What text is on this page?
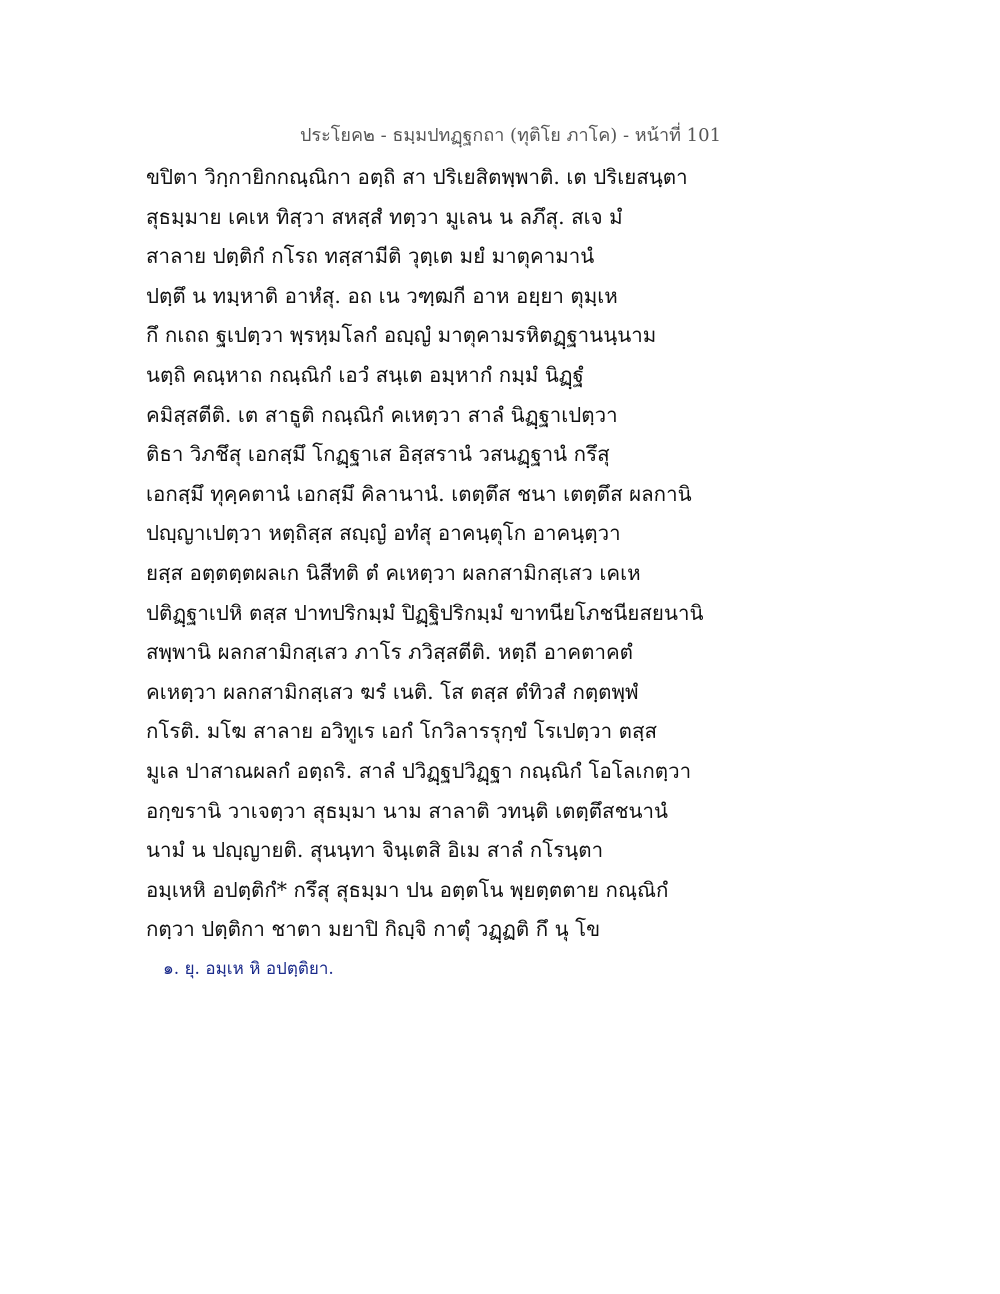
ประโยค๒ - ธมฺมปทฏฺฐกถา (ทุติโย ภาโค) - หน้าที่ 101
ขปิตา วิกฺกายิกกณฺณิกา อตฺถิ สา ปริเยสิตพฺพาติ. เต ปริเยสนฺตา
สุธมฺมาย เคเห ทิสฺวา สหสฺสํ ทตฺวา มูเลน น ลภึสุ. สเจ มํ
สาลาย ปตฺติกํ กโรถ ทสฺสามีติ วุตฺเต มยํ มาตุคามานํ
ปตฺตึ น ทมฺหาติ อาหํสุ. อถ เน วฑฺฒกี อาห อยฺยา ตุมฺเห
กึ กเถถ ฐเปตฺวา พฺรหฺมโลกํ อญฺญํ มาตุคามรหิตฏฺฐานนฺนาม
นตฺถิ คณฺหาถ กณฺณิกํ เอวํ สนฺเต อมฺหากํ กมฺมํ นิฏฺฐํ
คมิสฺสตีติ. เต สาธูติ กณฺณิกํ คเหตฺวา สาลํ นิฏฺฐาเปตฺวา
ติธา วิภชึสุ เอกสฺมึ โกฏฺฐาเส อิสฺสรานํ วสนฏฺฐานํ กรึสุ
เอกสฺมึ ทุคฺคตานํ เอกสฺมึ คิลานานํ. เตตฺตึส ชนา เตตฺตึส ผลกานิ
ปญฺญาเปตฺวา หตฺถิสฺส สญฺญํ อทํสุ อาคนฺตุโก อาคนฺตฺวา
ยสฺส อตฺตตฺตผลเก นิสีทติ ตํ คเหตฺวา ผลกสามิกสฺเสว เคเห
ปติฏฺฐาเปหิ ตสฺส ปาทปริกมฺมํ ปิฏฺฐิปริกมฺมํ ขาทนียโภชนียสยนานิ
สพฺพานิ ผลกสามิกสฺเสว ภาโร ภวิสฺสตีติ. หตฺถี อาคตาคตํ
คเหตฺวา ผลกสามิกสฺเสว ฆรํ เนติ. โส ตสฺส ตํทิวสํ กตฺตพฺพํ
กโรติ. มโฆ สาลาย อวิทูเร เอกํ โกวิลารรุกฺขํ โรเปตฺวา ตสฺส
มูเล ปาสาณผลกํ อตฺถริ. สาลํ ปวิฏฺฐปวิฏฺฐา กณฺณิกํ โอโลเกตฺวา
อกฺขรานิ วาเจตฺวา สุธมฺมา นาม สาลาติ วทนฺติ เตตฺตึสชนานํ
นามํ น ปญฺญายติ. สุนนฺทา จินฺเตสิ อิเม สาลํ กโรนฺตา
อมฺเหหิ อปตฺติกํ* กรึสุ สุธมฺมา ปน อตฺตโน พฺยตฺตตาย กณฺณิกํ
กตฺวา ปตฺติกา ชาตา มยาปิ กิญฺจิ กาตุํ วฏฺฏติ กึ นุ โข
๑. ยุ. อมฺเห หิ อปตฺติยา.
